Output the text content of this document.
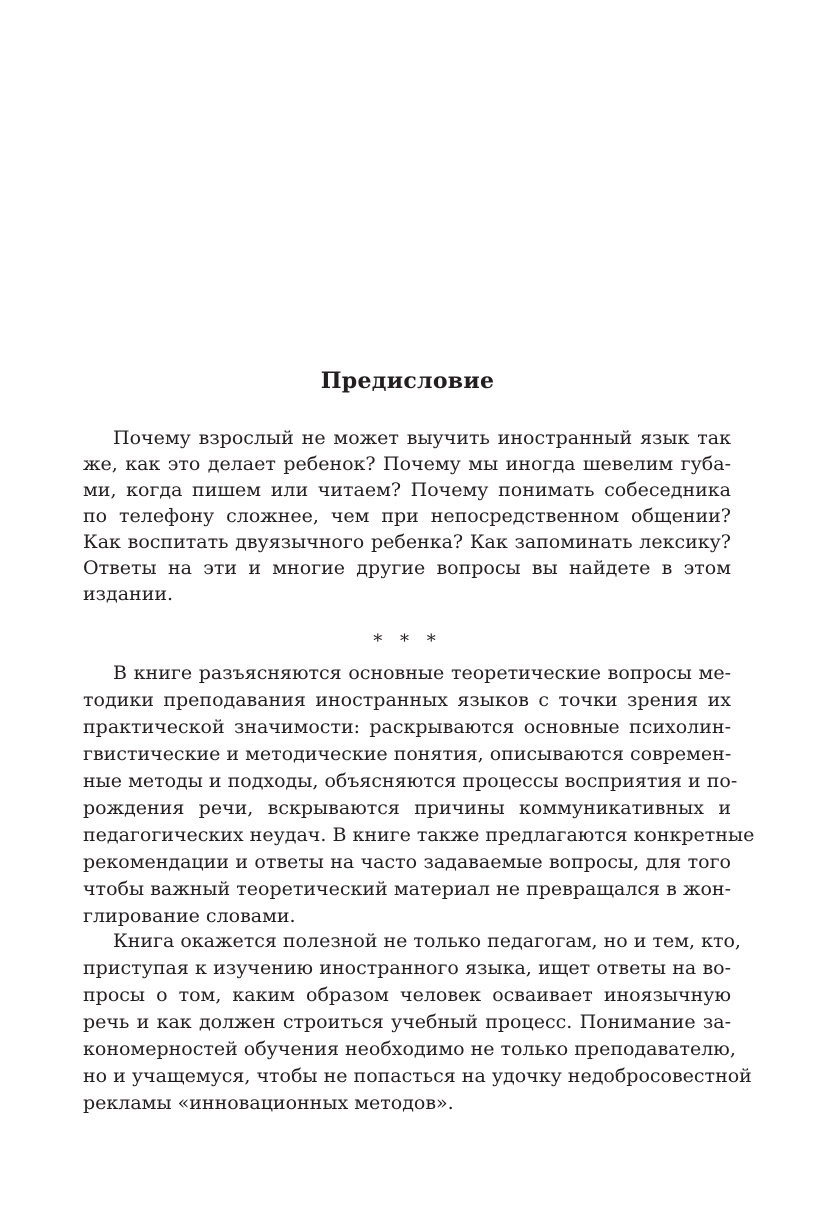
Предисловие
Почему взрослый не может выучить иностранный язык так
же, как это делает ребенок? Почему мы иногда шевелим губа-
ми, когда пишем или читаем? Почему понимать собеседника
по телефону сложнее, чем при непосредственном общении?
Как воспитать двуязычного ребенка? Как запоминать лексику?
Ответы на эти и многие другие вопросы вы найдете в этом
издании.
* * *
В книге разъясняются основные теоретические вопросы ме-
тодики преподавания иностранных языков с точки зрения их
практической значимости: раскрываются основные психолин-
гвистические и методические понятия, описываются современ-
ные методы и подходы, объясняются процессы восприятия и по-
рождения речи, вскрываются причины коммуникативных и
педагогических неудач. В книге также предлагаются конкретные
рекомендации и ответы на часто задаваемые вопросы, для того
чтобы важный теоретический материал не превращался в жон-
глирование словами.
Книга окажется полезной не только педагогам, но и тем, кто,
приступая к изучению иностранного языка, ищет ответы на во-
просы о том, каким образом человек осваивает иноязычную
речь и как должен строиться учебный процесс. Понимание за-
кономерностей обучения необходимо не только преподавателю,
но и учащемуся, чтобы не попасться на удочку недобросовестной
рекламы «инновационных методов».
